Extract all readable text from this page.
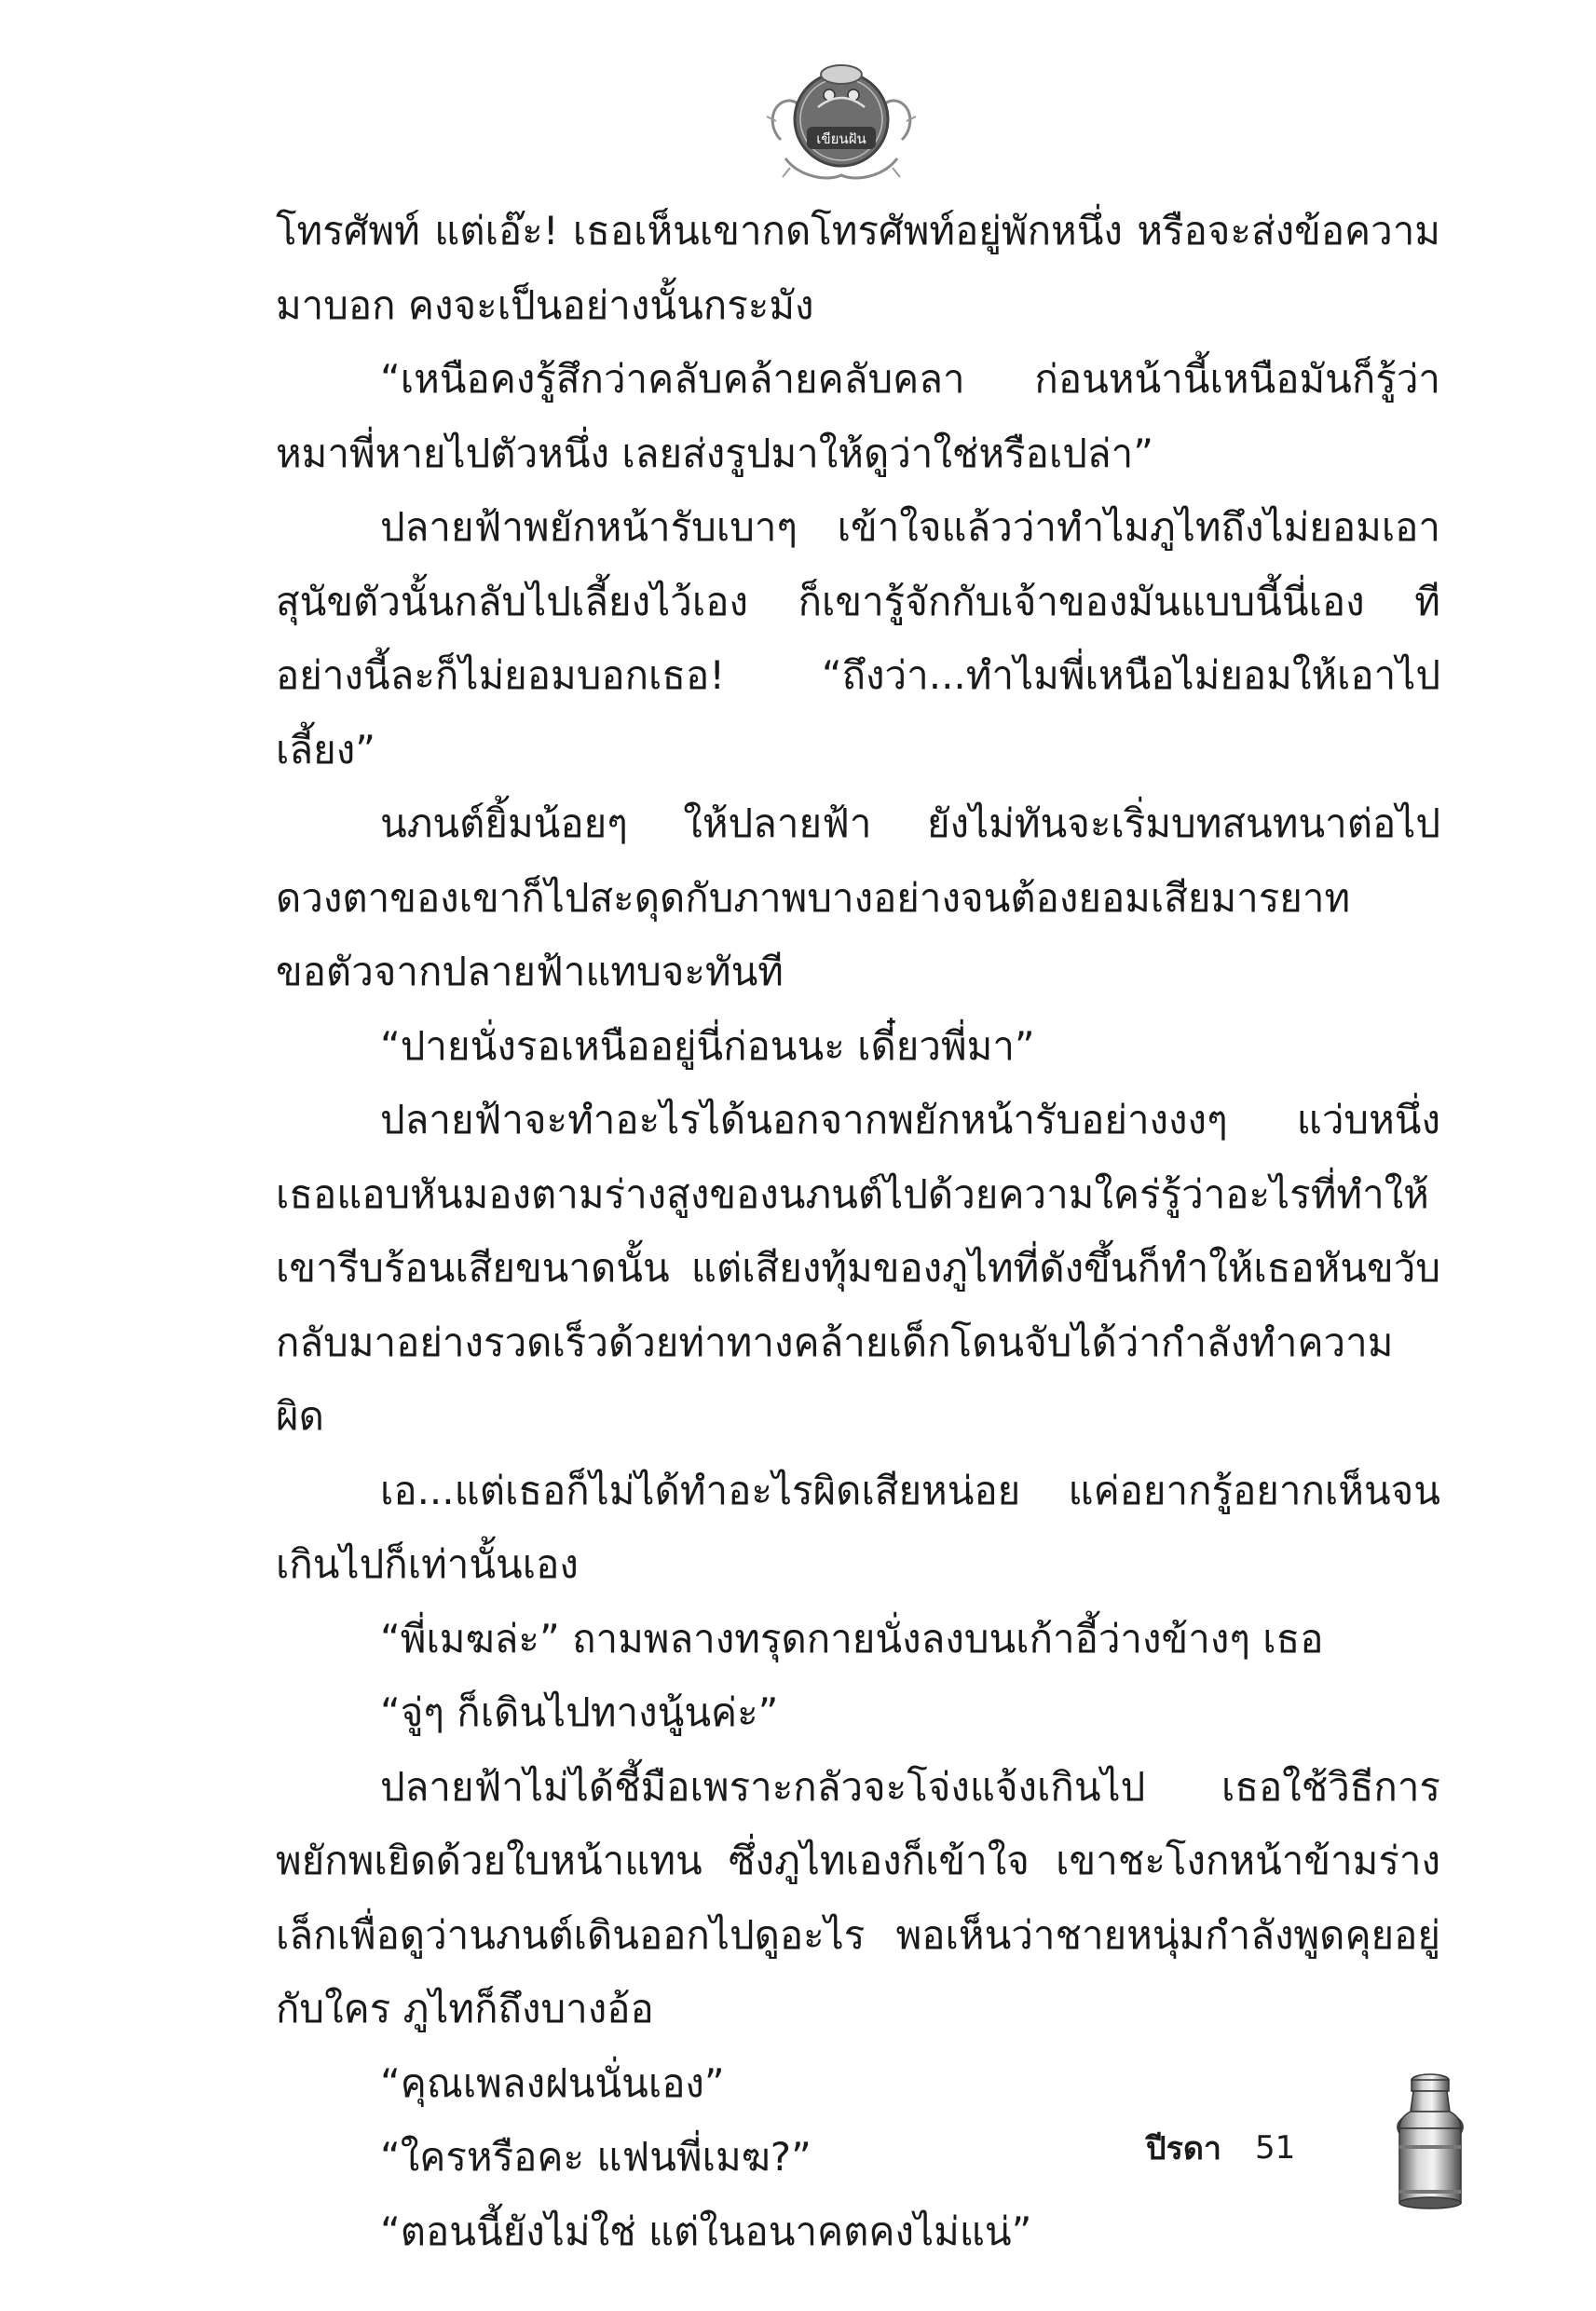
เขียนฝัน

โทรศัพท์ แต่เอ๊ะ! เธอเห็นเขากดโทรศัพท์อยู่พักหนึ่ง หรือจะส่งข้อความมาบอก คงจะเป็นอย่างนั้นกระมัง

“เหนือคงรู้สึกว่าคลับคล้ายคลับคลา ก่อนหน้านี้เหนือมันก็รู้ว่าหมาพี่หายไปตัวหนึ่ง เลยส่งรูปมาให้ดูว่าใช่หรือเปล่า”

ปลายฟ้าพยักหน้ารับเบาๆ เข้าใจแล้วว่าทำไมภูไทถึงไม่ยอมเอาสุนัขตัวนั้นกลับไปเลี้ยงไว้เอง ก็เขารู้จักกับเจ้าของมันแบบนี้นี่เอง ทีอย่างนี้ละก็ไม่ยอมบอกเธอ! “ถึงว่า...ทำไมพี่เหนือไม่ยอมให้เอาไปเลี้ยง”

นภนต์ยิ้มน้อยๆ ให้ปลายฟ้า ยังไม่ทันจะเริ่มบทสนทนาต่อไป ดวงตาของเขาก็ไปสะดุดกับภาพบางอย่างจนต้องยอมเสียมารยาทขอตัวจากปลายฟ้าแทบจะทันที

“ปายนั่งรอเหนืออยู่นี่ก่อนนะ เดี๋ยวพี่มา”

ปลายฟ้าจะทำอะไรได้นอกจากพยักหน้ารับอย่างงงๆ แว่บหนึ่งเธอแอบหันมองตามร่างสูงของนภนต์ไปด้วยความใคร่รู้ว่าอะไรที่ทำให้เขารีบร้อนเสียขนาดนั้น แต่เสียงทุ้มของภูไทที่ดังขึ้นก็ทำให้เธอหันขวับกลับมาอย่างรวดเร็วด้วยท่าทางคล้ายเด็กโดนจับได้ว่ากำลังทำความผิด

เอ...แต่เธอก็ไม่ได้ทำอะไรผิดเสียหน่อย แค่อยากรู้อยากเห็นจนเกินไปก็เท่านั้นเอง

“พี่เมฆล่ะ” ถามพลางทรุดกายนั่งลงบนเก้าอี้ว่างข้างๆ เธอ

“จู่ๆ ก็เดินไปทางนู้นค่ะ”

ปลายฟ้าไม่ได้ชี้มือเพราะกลัวจะโจ่งแจ้งเกินไป เธอใช้วิธีการพยักพเยิดด้วยใบหน้าแทน ซึ่งภูไทเองก็เข้าใจ เขาชะโงกหน้าข้ามร่างเล็กเพื่อดูว่านภนต์เดินออกไปดูอะไร พอเห็นว่าชายหนุ่มกำลังพูดคุยอยู่กับใคร ภูไทก็ถึงบางอ้อ

“คุณเพลงฝนนั่นเอง”

“ใครหรือคะ แฟนพี่เมฆ?”

“ตอนนี้ยังไม่ใช่ แต่ในอนาคตคงไม่แน่”

ปีรดา 51
